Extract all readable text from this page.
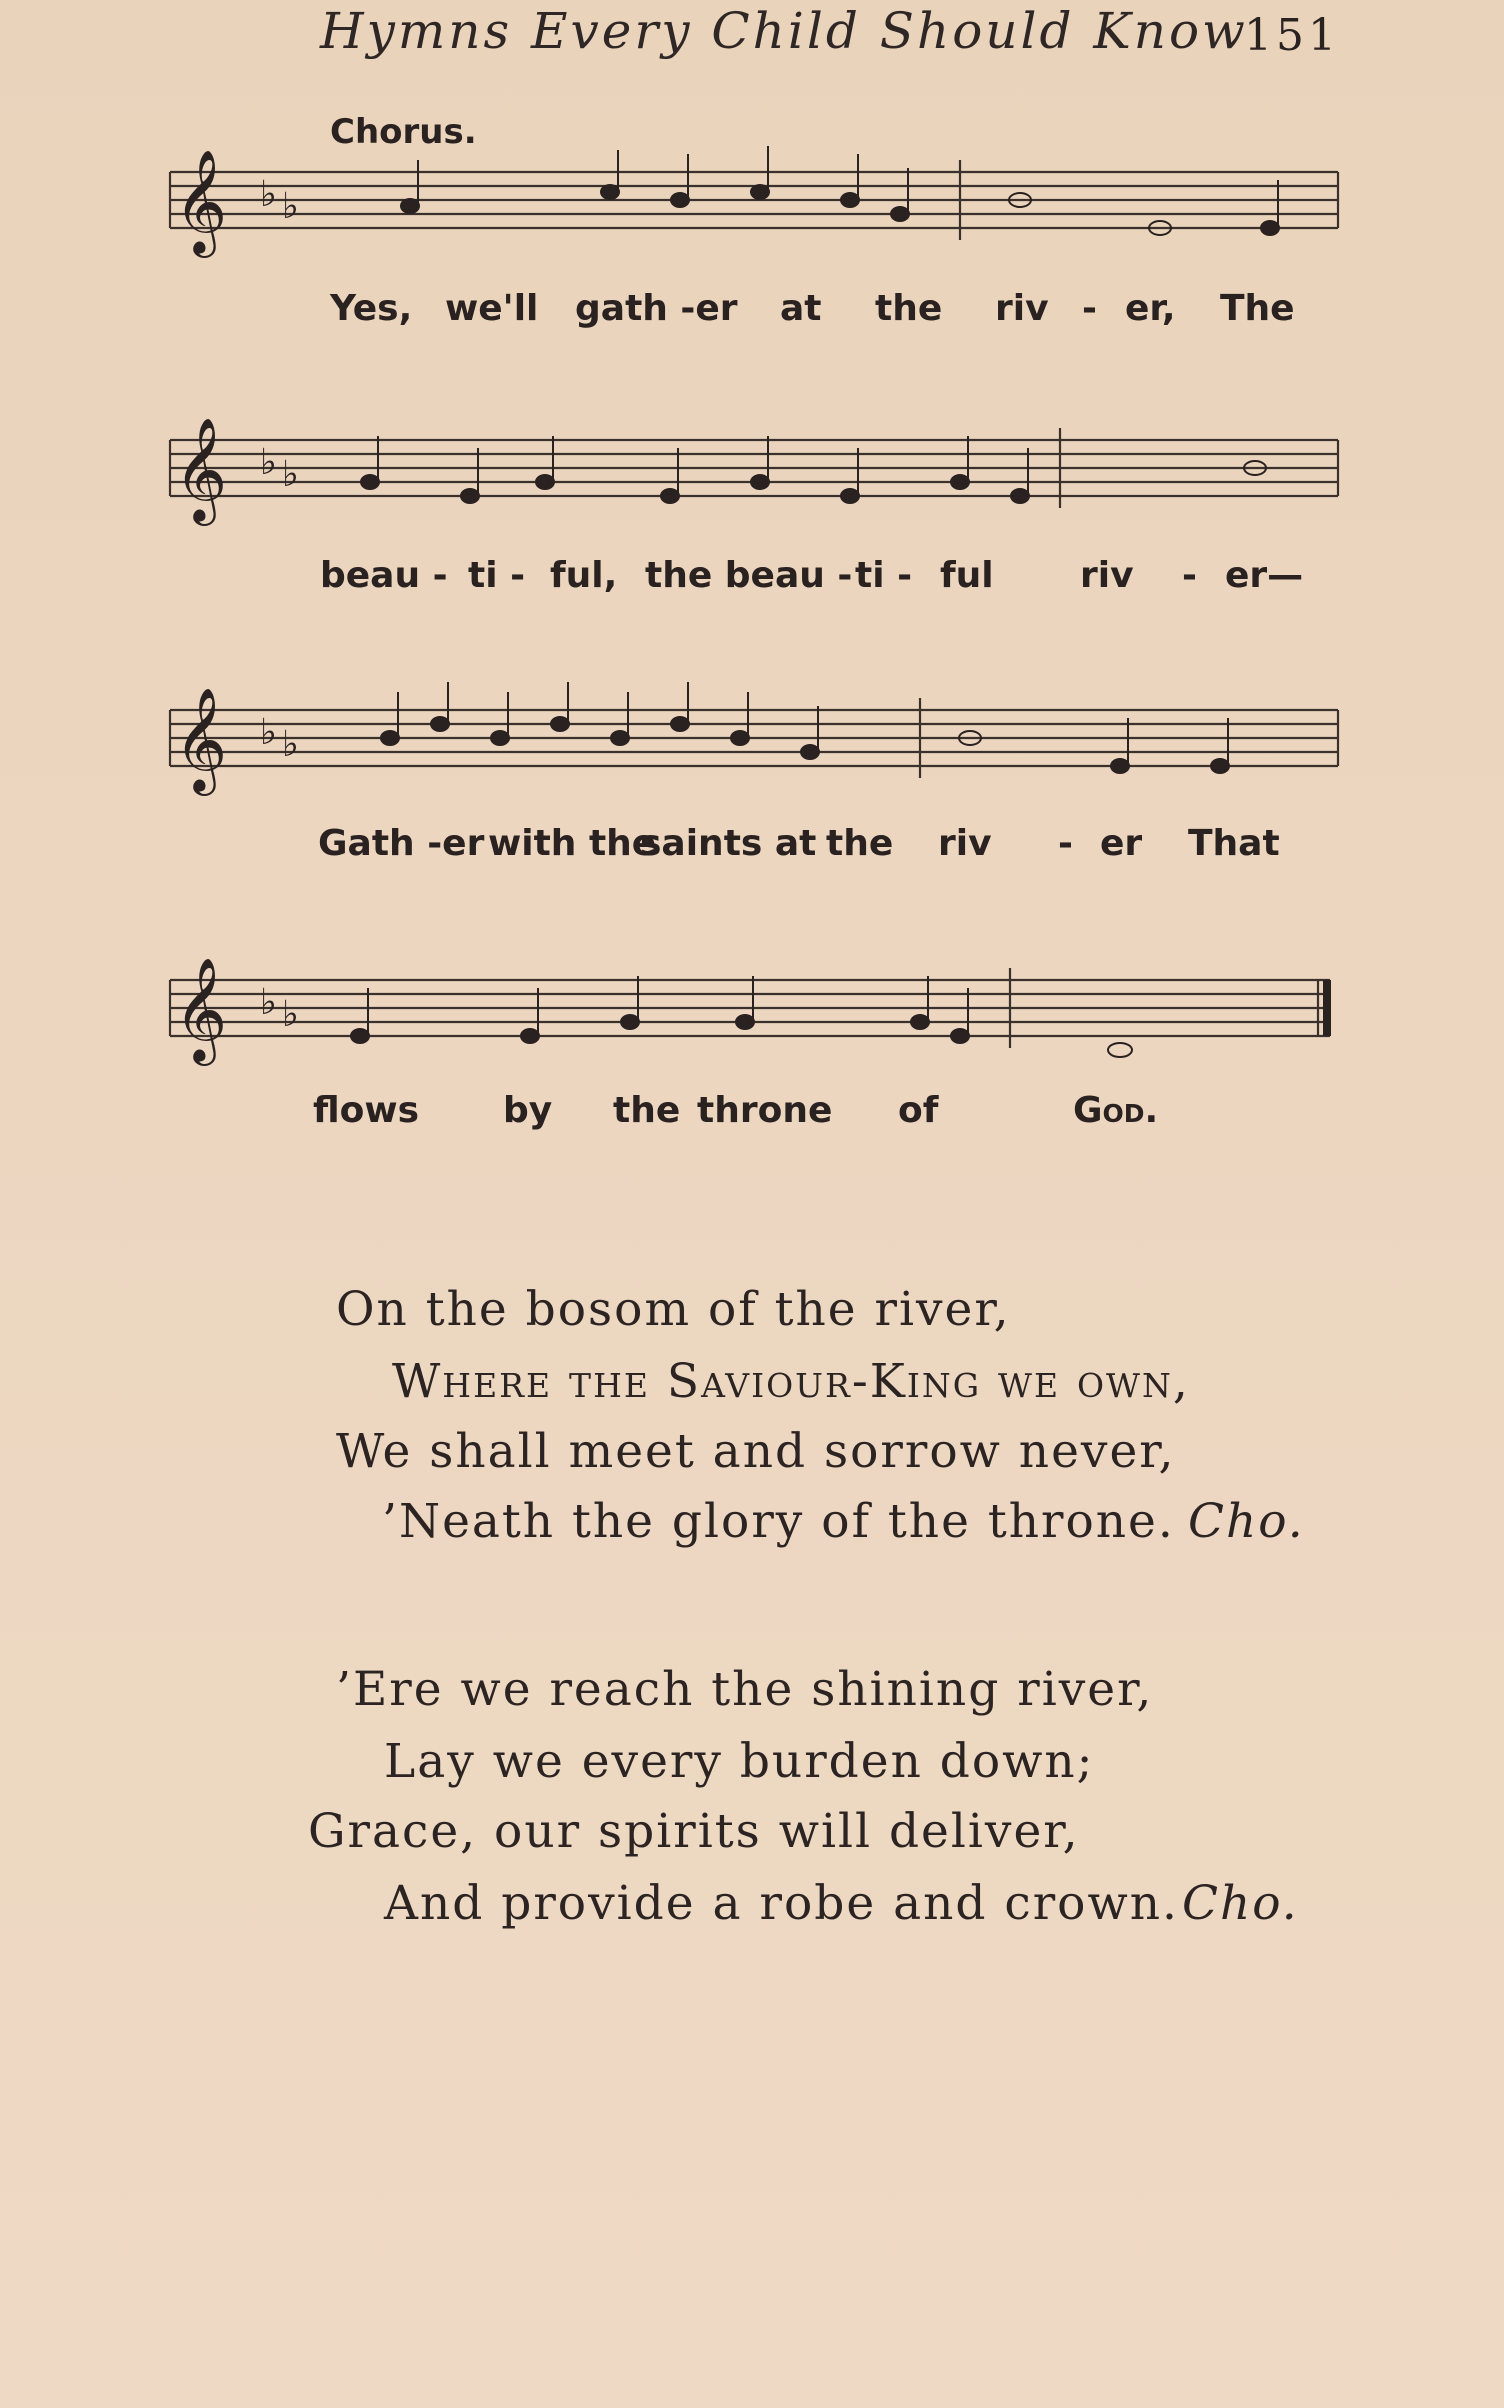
Hymns Every Child Should Know
151
Chorus.
𝄞 ♭ ♭
Yes, we'll gath -er at the riv - er, The
𝄞 ♭ ♭
beau - ti - ful, the beau - ti - ful riv - er—
𝄞 ♭ ♭
Gath -er with the
saints at the riv - er That
𝄞 ♭ ♭
flows by the throne of	God.
On the bosom of the river,
Where the Saviour-King we own,
We shall meet and sorrow never,
’Neath the glory of the throne. Cho.
’Ere we reach the shining river,
Lay we every burden down;
Grace, our spirits will deliver,
And provide a robe and crown. Cho.
